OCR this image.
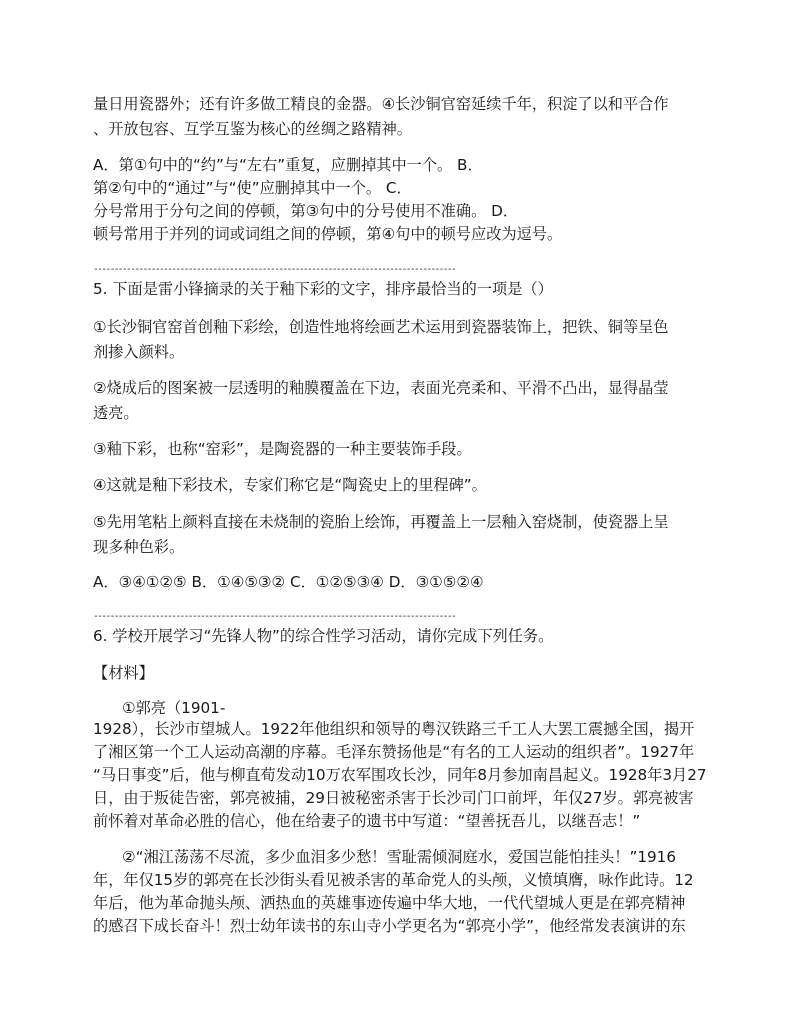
量日用瓷器外；还有许多做工精良的金器。④长沙铜官窑延续千年，积淀了以和平合作
、开放包容、互学互鉴为核心的丝绸之路精神。
A．第①句中的“约”与“左右”重复，应删掉其中一个。 B．
第②句中的“通过”与“使”应删掉其中一个。 C．
分号常用于分句之间的停顿，第③句中的分号使用不准确。 D．
顿号常用于并列的词或词组之间的停顿，第④句中的顿号应改为逗号。
----------------------------------------------------------------------------------------
5. 下面是雷小锋摘录的关于釉下彩的文字，排序最恰当的一项是（）
①长沙铜官窑首创釉下彩绘，创造性地将绘画艺术运用到瓷器装饰上，把铁、铜等呈色
剂掺入颜料。
②烧成后的图案被一层透明的釉膜覆盖在下边，表面光亮柔和、平滑不凸出，显得晶莹
透亮。
③釉下彩，也称“窑彩”，是陶瓷器的一种主要装饰手段。
④这就是釉下彩技术，专家们称它是“陶瓷史上的里程碑”。
⑤先用笔粘上颜料直接在未烧制的瓷胎上绘饰，再覆盖上一层釉入窑烧制，使瓷器上呈
现多种色彩。
A．③④①②⑤ B．①④⑤③② C．①②⑤③④ D．③①⑤②④
----------------------------------------------------------------------------------------
6. 学校开展学习“先锋人物”的综合性学习活动，请你完成下列任务。
【材料】
①郭亮（1901-
1928），长沙市望城人。1922年他组织和领导的粤汉铁路三千工人大罢工震撼全国，揭开
了湘区第一个工人运动高潮的序幕。毛泽东赞扬他是“有名的工人运动的组织者”。1927年
“马日事变”后，他与柳直荀发动10万农军围攻长沙，同年8月参加南昌起义。1928年3月27
日，由于叛徒告密，郭亮被捕，29日被秘密杀害于长沙司门口前坪，年仅27岁。郭亮被害
前怀着对革命必胜的信心，他在给妻子的遗书中写道：“望善抚吾儿，以继吾志！”
②“湘江荡荡不尽流，多少血泪多少愁！雪耻需倾洞庭水，爱国岂能怕挂头！”1916
年，年仅15岁的郭亮在长沙街头看见被杀害的革命党人的头颅，义愤填膺，咏作此诗。12
年后，他为革命抛头颅、洒热血的英雄事迹传遍中华大地，一代代望城人更是在郭亮精神
的感召下成长奋斗！烈士幼年读书的东山寺小学更名为“郭亮小学”，他经常发表演讲的东
